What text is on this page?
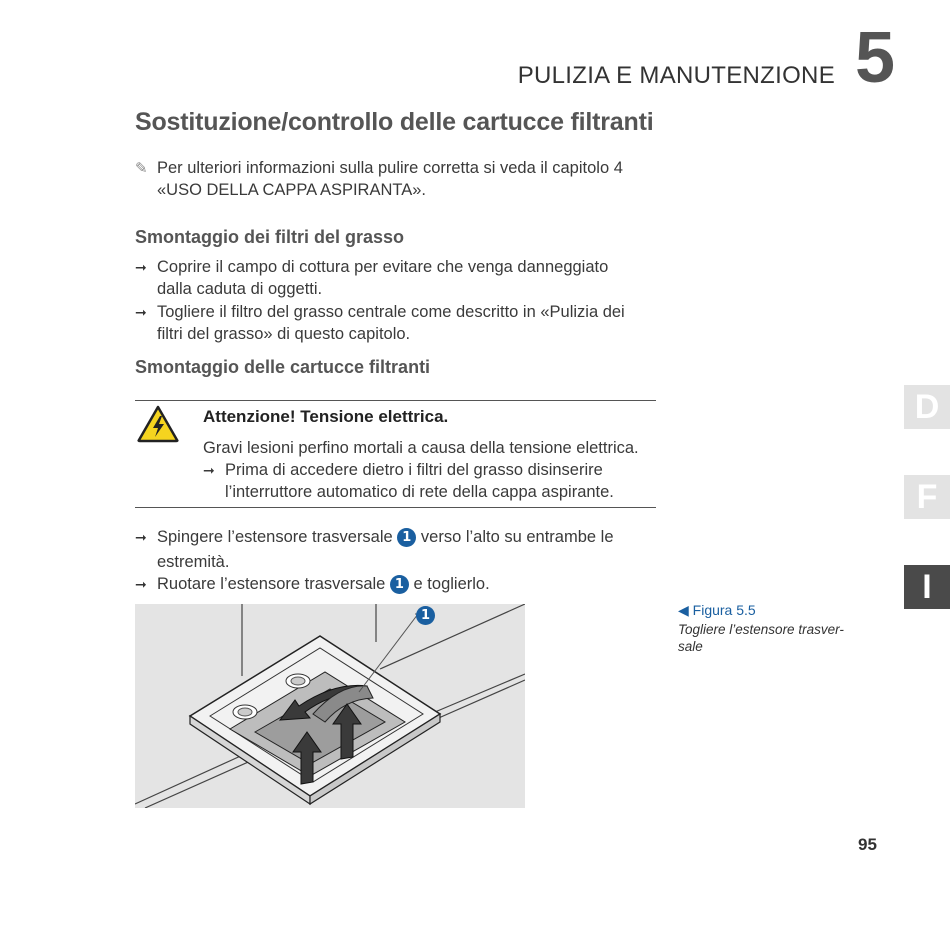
PULIZIA E MANUTENZIONE 5
Sostituzione/controllo delle cartucce filtranti
✎ Per ulteriori informazioni sulla pulire corretta si veda il capitolo 4
«USO DELLA CAPPA ASPIRANTA».
Smontaggio dei filtri del grasso
➞ Coprire il campo di cottura per evitare che venga danneggiato
dalla caduta di oggetti.
➞ Togliere il filtro del grasso centrale come descritto in «Pulizia dei
filtri del grasso» di questo capitolo.
Smontaggio delle cartucce filtranti
Attenzione! Tensione elettrica.
Gravi lesioni perfino mortali a causa della tensione elettrica.
➞ Prima di accedere dietro i filtri del grasso disinserire
l’interruttore automatico di rete della cappa aspirante.
➞ Spingere l’estensore trasversale 1 verso l’alto su entrambe le
estremità.
➞ Ruotare l’estensore trasversale 1 e toglierlo.
1	◀ Figura 5.5
Togliere l’estensore trasver-
sale
D
F
I
95
